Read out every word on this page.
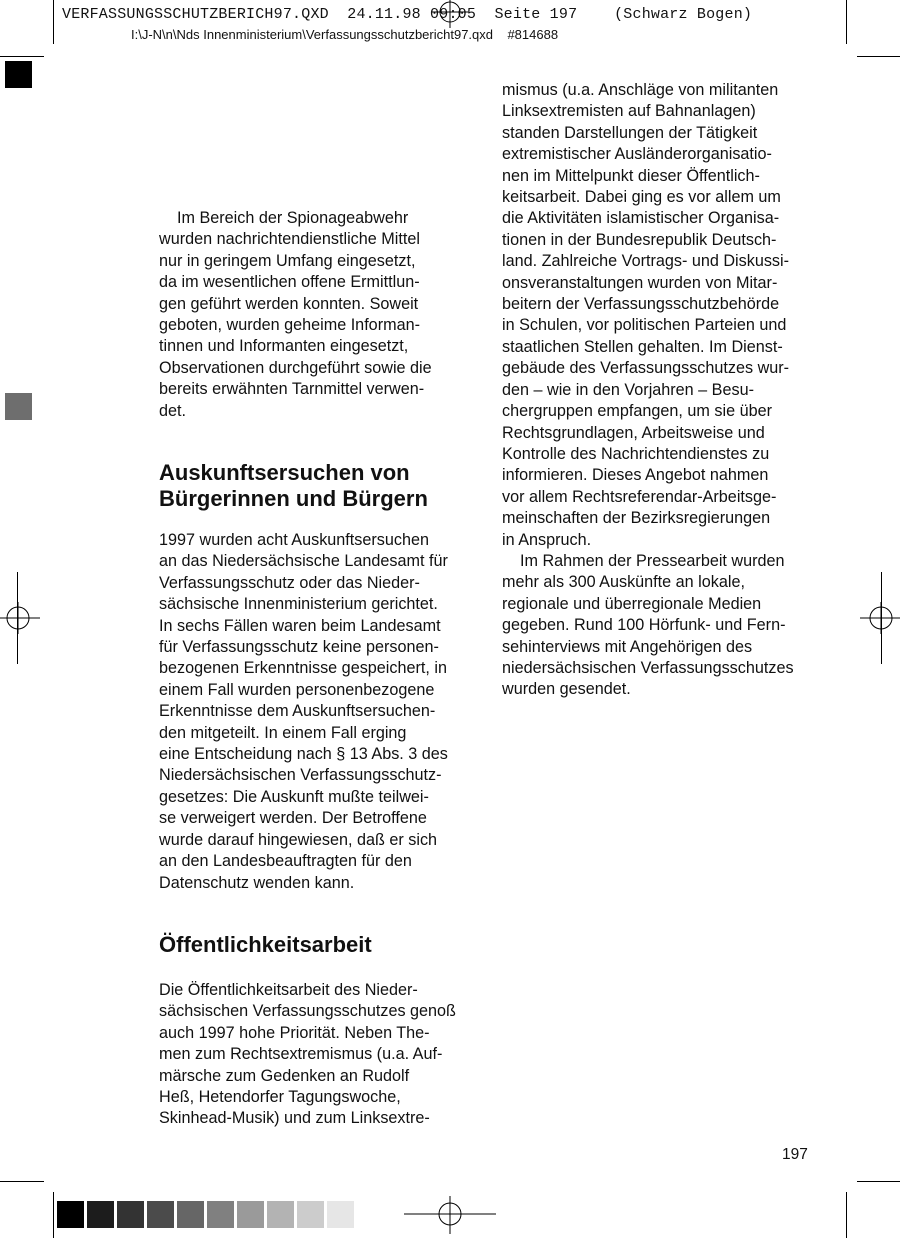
VERFASSUNGSSCHUTZBERICH97.QXD  24.11.98 09:05  Seite 197    (Schwarz Bogen)
I:\J-N\n\Nds Innenministerium\Verfassungsschutzbericht97.qxd    #814688

Im Bereich der Spionageabwehr

wurden nachrichtendienstliche Mittel

nur in geringem Umfang eingesetzt,

da im wesentlichen offene Ermittlun-

gen geführt werden konnten. Soweit

geboten, wurden geheime Informan-

tinnen und Informanten eingesetzt,

Observationen durchgeführt sowie die

bereits erwähnten Tarnmittel verwen-

det.

Auskunftsersuchen von
Bürgerinnen und Bürgern

1997 wurden acht Auskunftsersuchen

an das Niedersächsische Landesamt für

Verfassungsschutz oder das Nieder-

sächsische Innenministerium gerichtet.

In sechs Fällen waren beim Landesamt

für Verfassungsschutz keine personen-

bezogenen Erkenntnisse gespeichert, in

einem Fall wurden personenbezogene

Erkenntnisse dem Auskunftsersuchen-

den mitgeteilt. In einem Fall erging

eine Entscheidung nach § 13 Abs. 3 des

Niedersächsischen Verfassungsschutz-

gesetzes: Die Auskunft mußte teilwei-

se verweigert werden. Der Betroffene

wurde darauf hingewiesen, daß er sich

an den Landesbeauftragten für den

Datenschutz wenden kann.

Öffentlichkeitsarbeit

Die Öffentlichkeitsarbeit des Nieder-

sächsischen Verfassungsschutzes genoß

auch 1997 hohe Priorität. Neben The-

men zum Rechtsextremismus (u.a. Auf-

märsche zum Gedenken an Rudolf

Heß, Hetendorfer Tagungswoche,

Skinhead-Musik) und zum Linksextre-

mismus (u.a. Anschläge von militanten

Linksextremisten auf Bahnanlagen)

standen Darstellungen der Tätigkeit

extremistischer Ausländerorganisatio-

nen im Mittelpunkt dieser Öffentlich-

keitsarbeit. Dabei ging es vor allem um

die Aktivitäten islamistischer Organisa-

tionen in der Bundesrepublik Deutsch-

land. Zahlreiche Vortrags- und Diskussi-

onsveranstaltungen wurden von Mitar-

beitern der Verfassungsschutzbehörde

in Schulen, vor politischen Parteien und

staatlichen Stellen gehalten. Im Dienst-

gebäude des Verfassungsschutzes wur-

den – wie in den Vorjahren – Besu-

chergruppen empfangen, um sie über

Rechtsgrundlagen, Arbeitsweise und

Kontrolle des Nachrichtendienstes zu

informieren. Dieses Angebot nahmen

vor allem Rechtsreferendar-Arbeitsge-

meinschaften der Bezirksregierungen

in Anspruch.

Im Rahmen der Pressearbeit wurden

mehr als 300 Auskünfte an lokale,

regionale und überregionale Medien

gegeben. Rund 100 Hörfunk- und Fern-

sehinterviews mit Angehörigen des

niedersächsischen Verfassungsschutzes

wurden gesendet.

197
